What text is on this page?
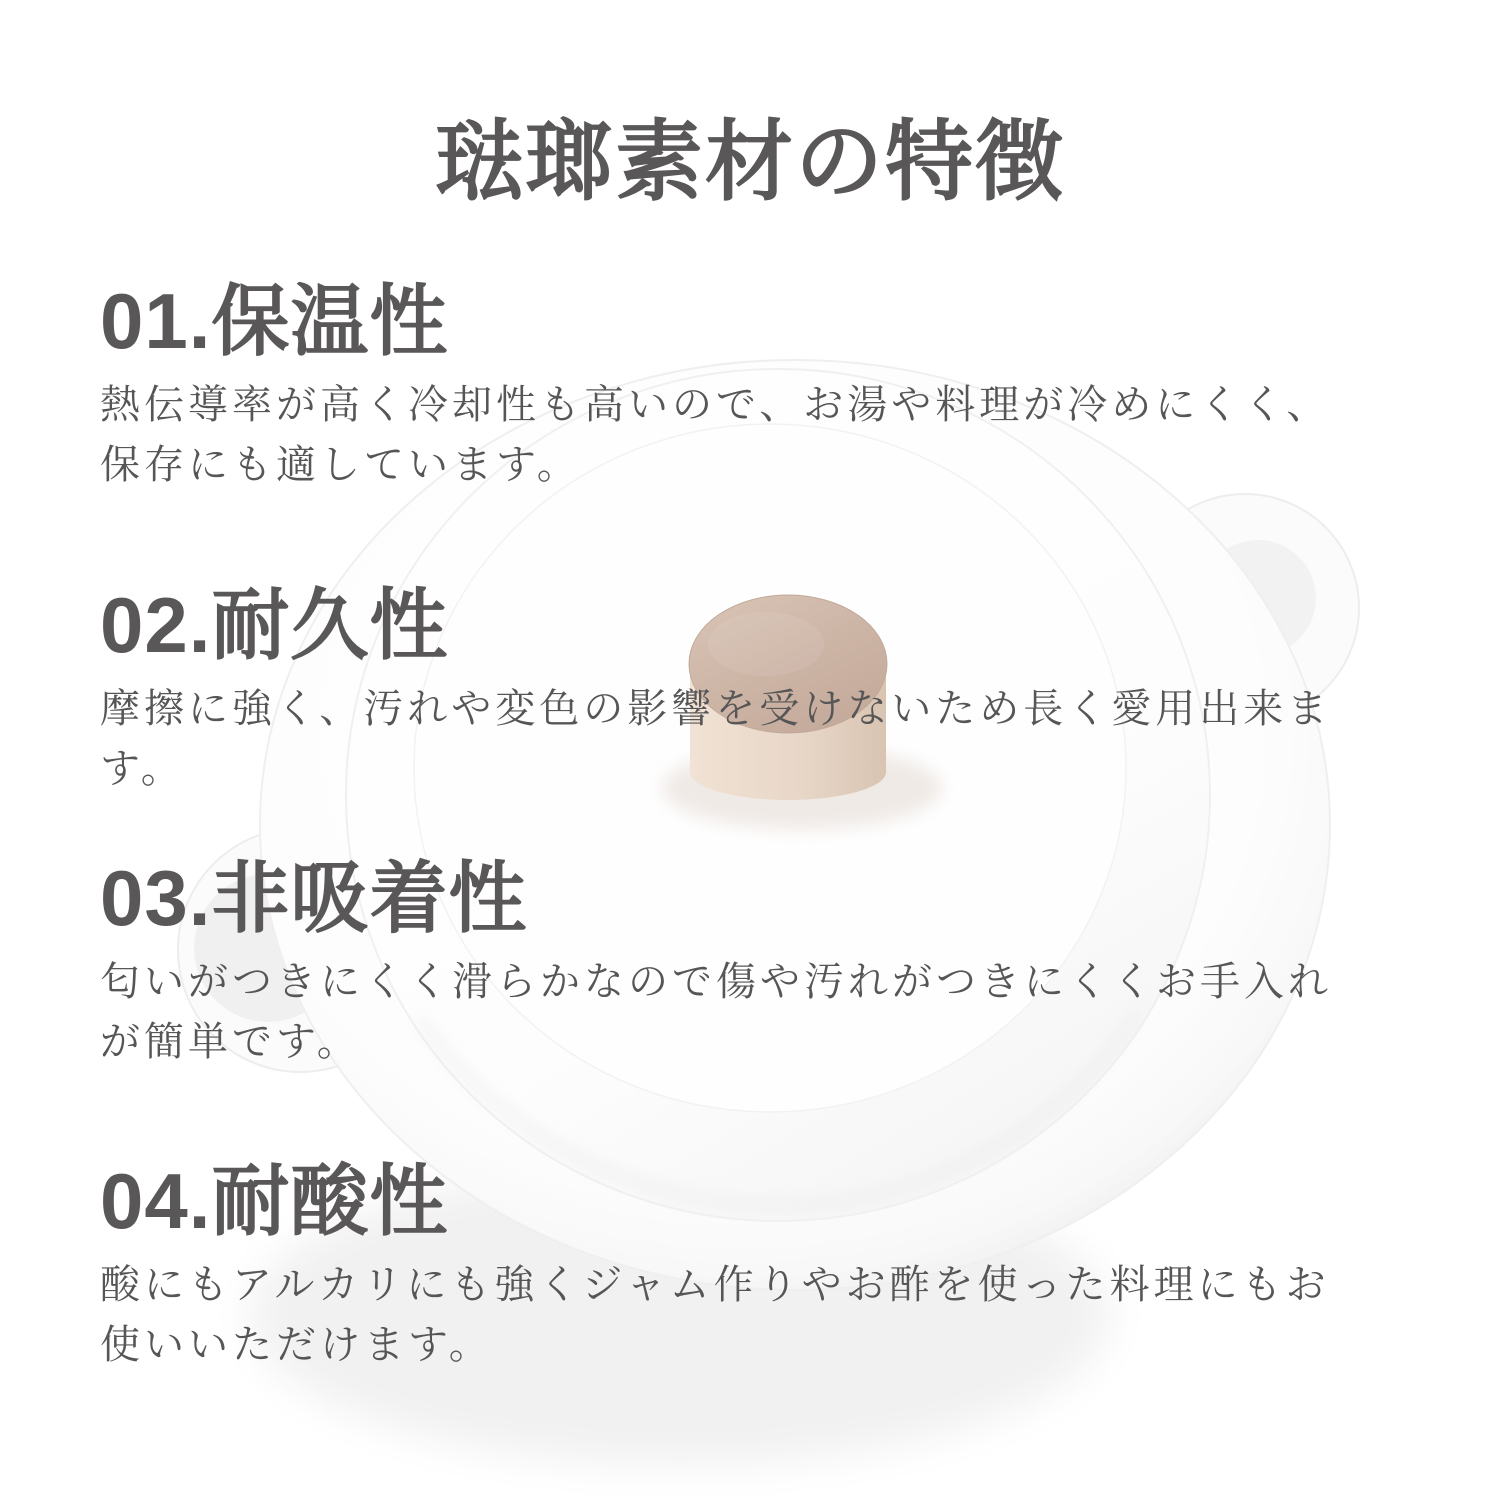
琺瑯素材の特徴
01.保温性
熱伝導率が高く冷却性も高いので、お湯や料理が冷めにくく、
保存にも適しています。
02.耐久性
摩擦に強く、汚れや変色の影響を受けないため長く愛用出来ま
す。
03.非吸着性
匂いがつきにくく滑らかなので傷や汚れがつきにくくお手入れ
が簡単です。
04.耐酸性
酸にもアルカリにも強くジャム作りやお酢を使った料理にもお
使いいただけます。
